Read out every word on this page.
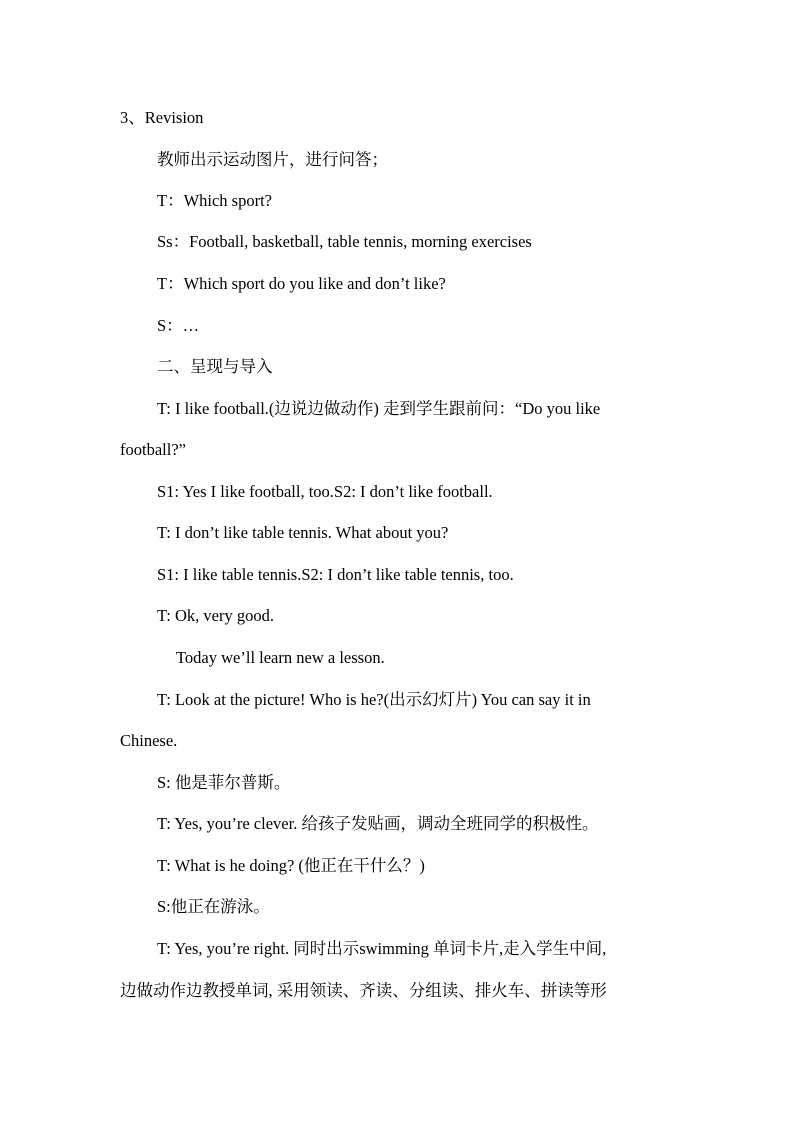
3、Revision
教师出示运动图片，进行问答；
T：Which sport?
Ss：Football, basketball, table tennis, morning exercises
T：Which sport do you like and don’t like?
S：…
二、呈现与导入
T: I like football.(边说边做动作) 走到学生跟前问：“Do you like
football?”
S1: Yes I like football, too.S2: I don’t like football.
T: I don’t like table tennis. What about you?
S1: I like table tennis.S2: I don’t like table tennis, too.
T: Ok, very good.
Today we’ll learn new a lesson.
T: Look at the picture! Who is he?(出示幻灯片) You can say it in
Chinese.
S: 他是菲尔普斯。
T: Yes, you’re clever. 给孩子发贴画，调动全班同学的积极性。
T: What is he doing? (他正在干什么？)
S:他正在游泳。
T: Yes, you’re right. 同时出示swimming 单词卡片,走入学生中间,
边做动作边教授单词, 采用领读、齐读、分组读、排火车、拼读等形
